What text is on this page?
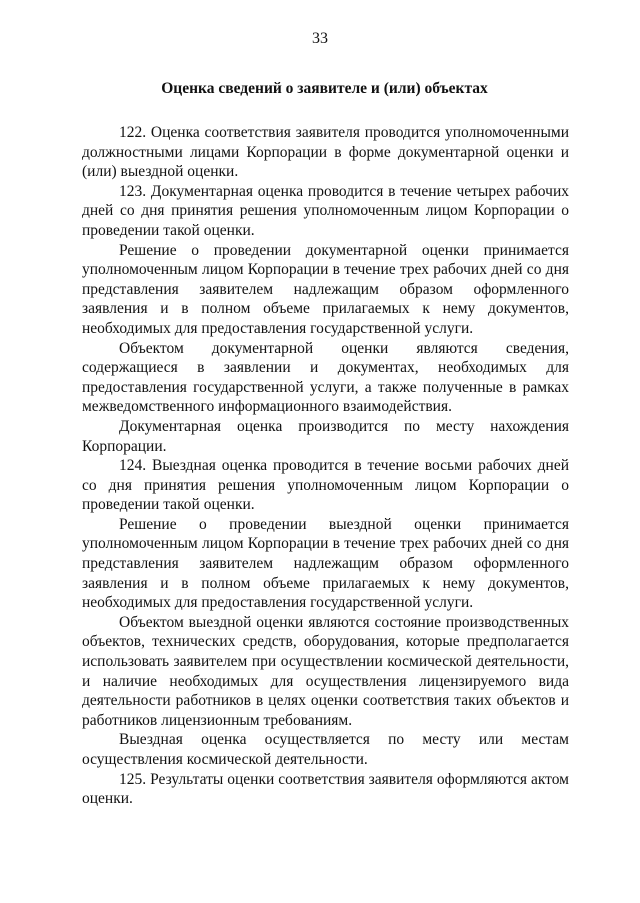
33
Оценка сведений о заявителе и (или) объектах

122. Оценка соответствия заявителя проводится уполномоченными должностными лицами Корпорации в форме документарной оценки и (или) выездной оценки.

123. Документарная оценка проводится в течение четырех рабочих дней со дня принятия решения уполномоченным лицом Корпорации о проведении такой оценки.

Решение о проведении документарной оценки принимается уполномоченным лицом Корпорации в течение трех рабочих дней со дня представления заявителем надлежащим образом оформленного заявления и в полном объеме прилагаемых к нему документов, необходимых для предоставления государственной услуги.

Объектом документарной оценки являются сведения, содержащиеся в заявлении и документах, необходимых для предоставления государственной услуги, а также полученные в рамках межведомственного информационного взаимодействия.

Документарная оценка производится по месту нахождения Корпорации.

124. Выездная оценка проводится в течение восьми рабочих дней со дня принятия решения уполномоченным лицом Корпорации о проведении такой оценки.

Решение о проведении выездной оценки принимается уполномоченным лицом Корпорации в течение трех рабочих дней со дня представления заявителем надлежащим образом оформленного заявления и в полном объеме прилагаемых к нему документов, необходимых для предоставления государственной услуги.

Объектом выездной оценки являются состояние производственных объектов, технических средств, оборудования, которые предполагается использовать заявителем при осуществлении космической деятельности, и наличие необходимых для осуществления лицензируемого вида деятельности работников в целях оценки соответствия таких объектов и работников лицензионным требованиям.

Выездная оценка осуществляется по месту или местам осуществления космической деятельности.

125. Результаты оценки соответствия заявителя оформляются актом оценки.
